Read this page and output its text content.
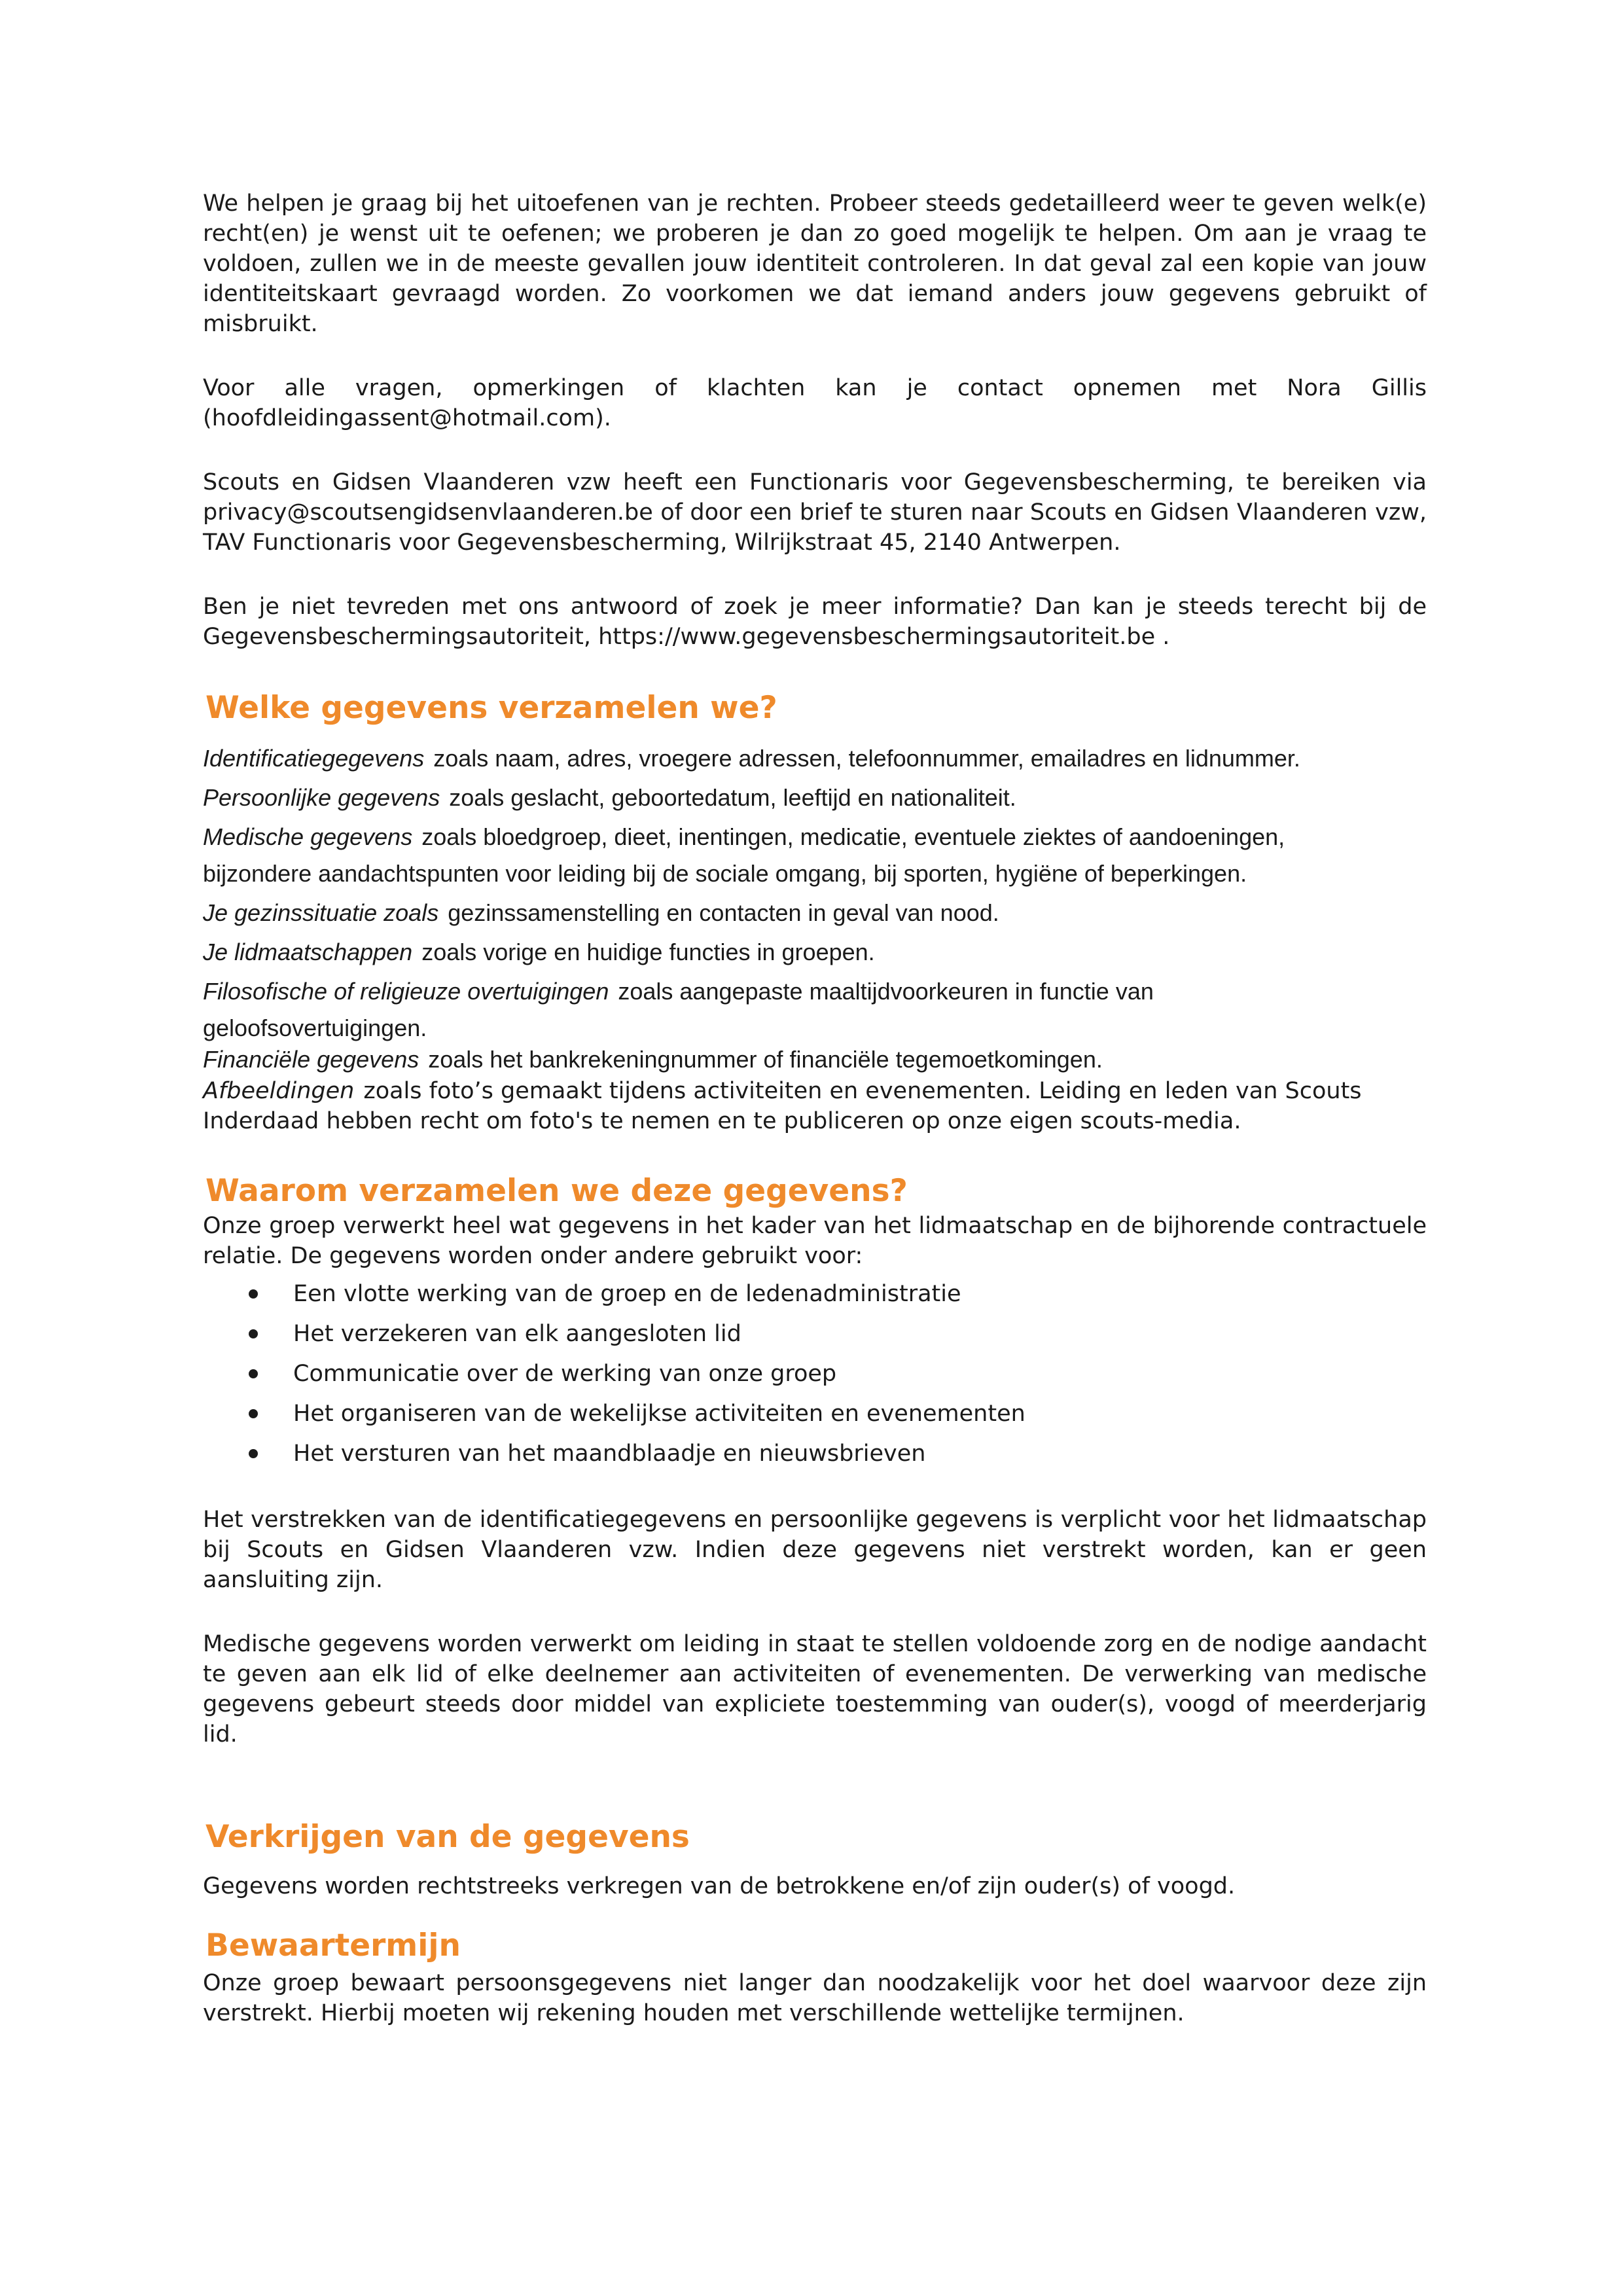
We helpen je graag bij het uitoefenen van je rechten. Probeer steeds gedetailleerd weer te geven welk(e) recht(en) je wenst uit te oefenen; we proberen je dan zo goed mogelijk te helpen. Om aan je vraag te voldoen, zullen we in de meeste gevallen jouw identiteit controleren. In dat geval zal een kopie van jouw identiteitskaart gevraagd worden. Zo voorkomen we dat iemand anders jouw gegevens gebruikt of misbruikt.

Voor alle vragen, opmerkingen of klachten kan je contact opnemen met Nora Gillis (hoofdleidingassent@hotmail.com).

Scouts en Gidsen Vlaanderen vzw heeft een Functionaris voor Gegevensbescherming, te bereiken via privacy@scoutsengidsenvlaanderen.be of door een brief te sturen naar Scouts en Gidsen Vlaanderen vzw, TAV Functionaris voor Gegevensbescherming, Wilrijkstraat 45, 2140 Antwerpen.

Ben je niet tevreden met ons antwoord of zoek je meer informatie? Dan kan je steeds terecht bij de Gegevensbeschermingsautoriteit, https://www.gegevensbeschermingsautoriteit.be .

Welke gegevens verzamelen we?
Identificatiegegevens zoals naam, adres, vroegere adressen, telefoonnummer, emailadres en lidnummer.
Persoonlijke gegevens zoals geslacht, geboortedatum, leeftijd en nationaliteit.
Medische gegevens zoals bloedgroep, dieet, inentingen, medicatie, eventuele ziektes of aandoeningen,
bijzondere aandachtspunten voor leiding bij de sociale omgang, bij sporten, hygiëne of beperkingen.
Je gezinssituatie zoals gezinssamenstelling en contacten in geval van nood.
Je lidmaatschappen zoals vorige en huidige functies in groepen.
Filosofische of religieuze overtuigingen zoals aangepaste maaltijdvoorkeuren in functie van
geloofsovertuigingen.
Financiële gegevens zoals het bankrekeningnummer of financiële tegemoetkomingen.

Afbeeldingen zoals foto’s gemaakt tijdens activiteiten en evenementen. Leiding en leden van Scouts Inderdaad hebben recht om foto's te nemen en te publiceren op onze eigen scouts-media.

Waarom verzamelen we deze gegevens?

Onze groep verwerkt heel wat gegevens in het kader van het lidmaatschap en de bijhorende contractuele relatie. De gegevens worden onder andere gebruikt voor:

Een vlotte werking van de groep en de ledenadministratie
Het verzekeren van elk aangesloten lid
Communicatie over de werking van onze groep
Het organiseren van de wekelijkse activiteiten en evenementen
Het versturen van het maandblaadje en nieuwsbrieven

Het verstrekken van de identificatiegegevens en persoonlijke gegevens is verplicht voor het lidmaatschap bij Scouts en Gidsen Vlaanderen vzw. Indien deze gegevens niet verstrekt worden, kan er geen aansluiting zijn.

Medische gegevens worden verwerkt om leiding in staat te stellen voldoende zorg en de nodige aandacht te geven aan elk lid of elke deelnemer aan activiteiten of evenementen. De verwerking van medische gegevens gebeurt steeds door middel van expliciete toestemming van ouder(s), voogd of meerderjarig lid.

Verkrijgen van de gegevens

Gegevens worden rechtstreeks verkregen van de betrokkene en/of zijn ouder(s) of voogd.

Bewaartermijn

Onze groep bewaart persoonsgegevens niet langer dan noodzakelijk voor het doel waarvoor deze zijn verstrekt. Hierbij moeten wij rekening houden met verschillende wettelijke termijnen.
